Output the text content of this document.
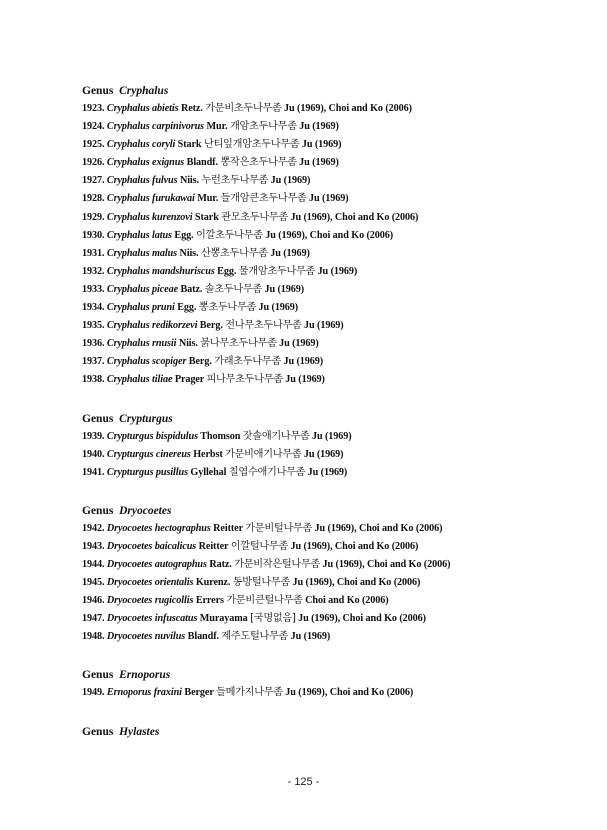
Genus Cryphalus
1923. Cryphalus abietis Retz. 가문비초두나무좀 Ju (1969), Choi and Ko (2006)
1924. Cryphalus carpinivorus Mur. 개암초두나무좀 Ju (1969)
1925. Cryphalus coryli Stark 난티잎개암초두나무좀 Ju (1969)
1926. Cryphalus exignus Blandf. 뽕작은초두나무좀 Ju (1969)
1927. Cryphalus fulvus Niis. 누런초두나무좀 Ju (1969)
1928. Cryphalus furukawai Mur. 들개암큰초두나무좀 Ju (1969)
1929. Cryphalus kurenzovi Stark 관모초두나무좀 Ju (1969), Choi and Ko (2006)
1930. Cryphalus latus Egg. 이깔초두나무좀 Ju (1969), Choi and Ko (2006)
1931. Cryphalus malus Niis. 산뽕초두나무좀 Ju (1969)
1932. Cryphalus mandshuriscus Egg. 물개암초두나무좀 Ju (1969)
1933. Cryphalus piceae Batz. 솔초두나무좀 Ju (1969)
1934. Cryphalus pruni Egg. 뽕초두나무좀 Ju (1969)
1935. Cryphalus redikorzevi Berg. 전나무초두나무좀 Ju (1969)
1936. Cryphalus rnusii Niis. 붉나무초두나무좀 Ju (1969)
1937. Cryphalus scopiger Berg. 가래초두나무좀 Ju (1969)
1938. Cryphalus tiliae Prager 피나무초두나무좀 Ju (1969)
Genus Crypturgus
1939. Crypturgus bispidulus Thomson 잣솔애기나무좀 Ju (1969)
1940. Crypturgus cinereus Herbst 가문비애기나무좀 Ju (1969)
1941. Crypturgus pusillus Gyllehal 칠엽수애기나무좀 Ju (1969)
Genus Dryocoetes
1942. Dryocoetes hectographus Reitter 가문비털나무좀 Ju (1969), Choi and Ko (2006)
1943. Dryocoetes baicalicus Reitter 이깔털나무좀 Ju (1969), Choi and Ko (2006)
1944. Dryocoetes autographus Ratz. 가문비작은털나무좀 Ju (1969), Choi and Ko (2006)
1945. Dryocoetes orientalis Kurenz. 동방털나무좀 Ju (1969), Choi and Ko (2006)
1946. Dryocoetes rugicollis Errers 가문비큰털나무좀 Choi and Ko (2006)
1947. Dryocoetes infuscatus Murayama [국명없음] Ju (1969), Choi and Ko (2006)
1948. Dryocoetes nuvilus Blandf. 제주도털나무좀 Ju (1969)
Genus Ernoporus
1949. Ernoporus fraxini Berger 들메가지나무좀 Ju (1969), Choi and Ko (2006)
Genus Hylastes
- 125 -
